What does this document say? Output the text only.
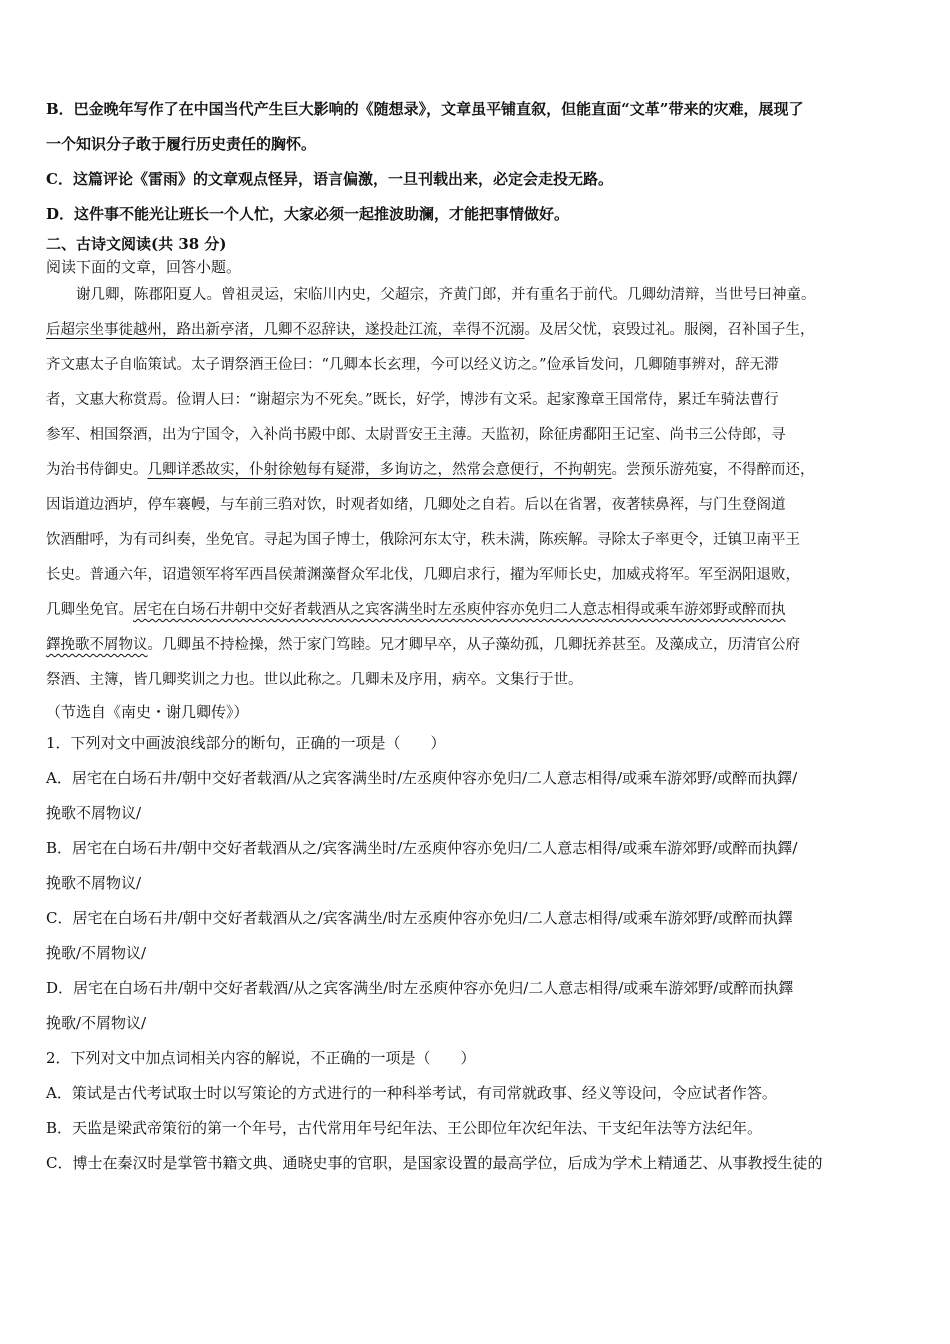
B．巴金晚年写作了在中国当代产生巨大影响的《随想录》，文章虽平铺直叙，但能直面“文革”带来的灾难，展现了
一个知识分子敢于履行历史责任的胸怀。
C．这篇评论《雷雨》的文章观点怪异，语言偏激，一旦刊载出来，必定会走投无路。
D．这件事不能光让班长一个人忙，大家必须一起推波助澜，才能把事情做好。
二、古诗文阅读(共 38 分)
阅读下面的文章，回答小题。
谢几卿，陈郡阳夏人。曾祖灵运，宋临川内史，父超宗，齐黄门郎，并有重名于前代。几卿幼清辩，当世号曰神童。
后超宗坐事徙越州，路出新亭渚，几卿不忍辞诀，遂投赴江流，幸得不沉溺。及居父忧，哀毁过礼。服阕，召补国子生，
齐文惠太子自临策试。太子谓祭酒王俭曰：“几卿本长玄理，今可以经义访之。”俭承旨发问，几卿随事辨对，辞无滞
者，文惠大称赏焉。俭谓人曰：“谢超宗为不死矣。”既长，好学，博涉有文采。起家豫章王国常侍，累迁车骑法曹行
参军、相国祭酒，出为宁国令，入补尚书殿中郎、太尉晋安王主薄。天监初，除征虏鄱阳王记室、尚书三公侍郎，寻
为治书侍御史。几卿详悉故实，仆射徐勉每有疑滞，多询访之，然常会意便行，不拘朝宪。尝预乐游苑宴，不得醉而还，
因诣道边酒垆，停车褰幔，与车前三驺对饮，时观者如绪，几卿处之自若。后以在省署，夜著犊鼻裈，与门生登阁道
饮酒酣呼，为有司纠奏，坐免官。寻起为国子博士，俄除河东太守，秩未满，陈疾解。寻除太子率更令，迁镇卫南平王
长史。普通六年，诏遣领军将军西昌侯萧渊藻督众军北伐，几卿启求行，擢为军师长史，加威戎将军。军至涡阳退败，
几卿坐免官。居宅在白场石井朝中交好者载酒从之宾客满坐时左丞庾仲容亦免归二人意志相得或乘车游郊野或醉而执
鐸挽歌不屑物议。几卿虽不持检操，然于家门笃睦。兄才卿早卒，从子藻幼孤，几卿抚养甚至。及藻成立，历清官公府
祭酒、主簿，皆几卿奖训之力也。世以此称之。几卿未及序用，病卒。文集行于世。
（节选自《南史・谢几卿传》）
1．下列对文中画波浪线部分的断句，正确的一项是（　　）
A．居宅在白场石井/朝中交好者载酒/从之宾客满坐时/左丞庾仲容亦免归/二人意志相得/或乘车游郊野/或醉而执鐸/
挽歌不屑物议/
B．居宅在白场石井/朝中交好者载酒从之/宾客满坐时/左丞庾仲容亦免归/二人意志相得/或乘车游郊野/或醉而执鐸/
挽歌不屑物议/
C．居宅在白场石井/朝中交好者载酒从之/宾客满坐/时左丞庾仲容亦免归/二人意志相得/或乘车游郊野/或醉而执鐸
挽歌/不屑物议/
D．居宅在白场石井/朝中交好者载酒/从之宾客满坐/时左丞庾仲容亦免归/二人意志相得/或乘车游郊野/或醉而执鐸
挽歌/不屑物议/
2．下列对文中加点词相关内容的解说，不正确的一项是（　　）
A．策试是古代考试取士时以写策论的方式进行的一种科举考试，有司常就政事、经义等设问，令应试者作答。
B．天监是梁武帝策衍的第一个年号，古代常用年号纪年法、王公即位年次纪年法、干支纪年法等方法纪年。
C．博士在秦汉时是掌管书籍文典、通晓史事的官职，是国家设置的最高学位，后成为学术上精通艺、从事教授生徒的
